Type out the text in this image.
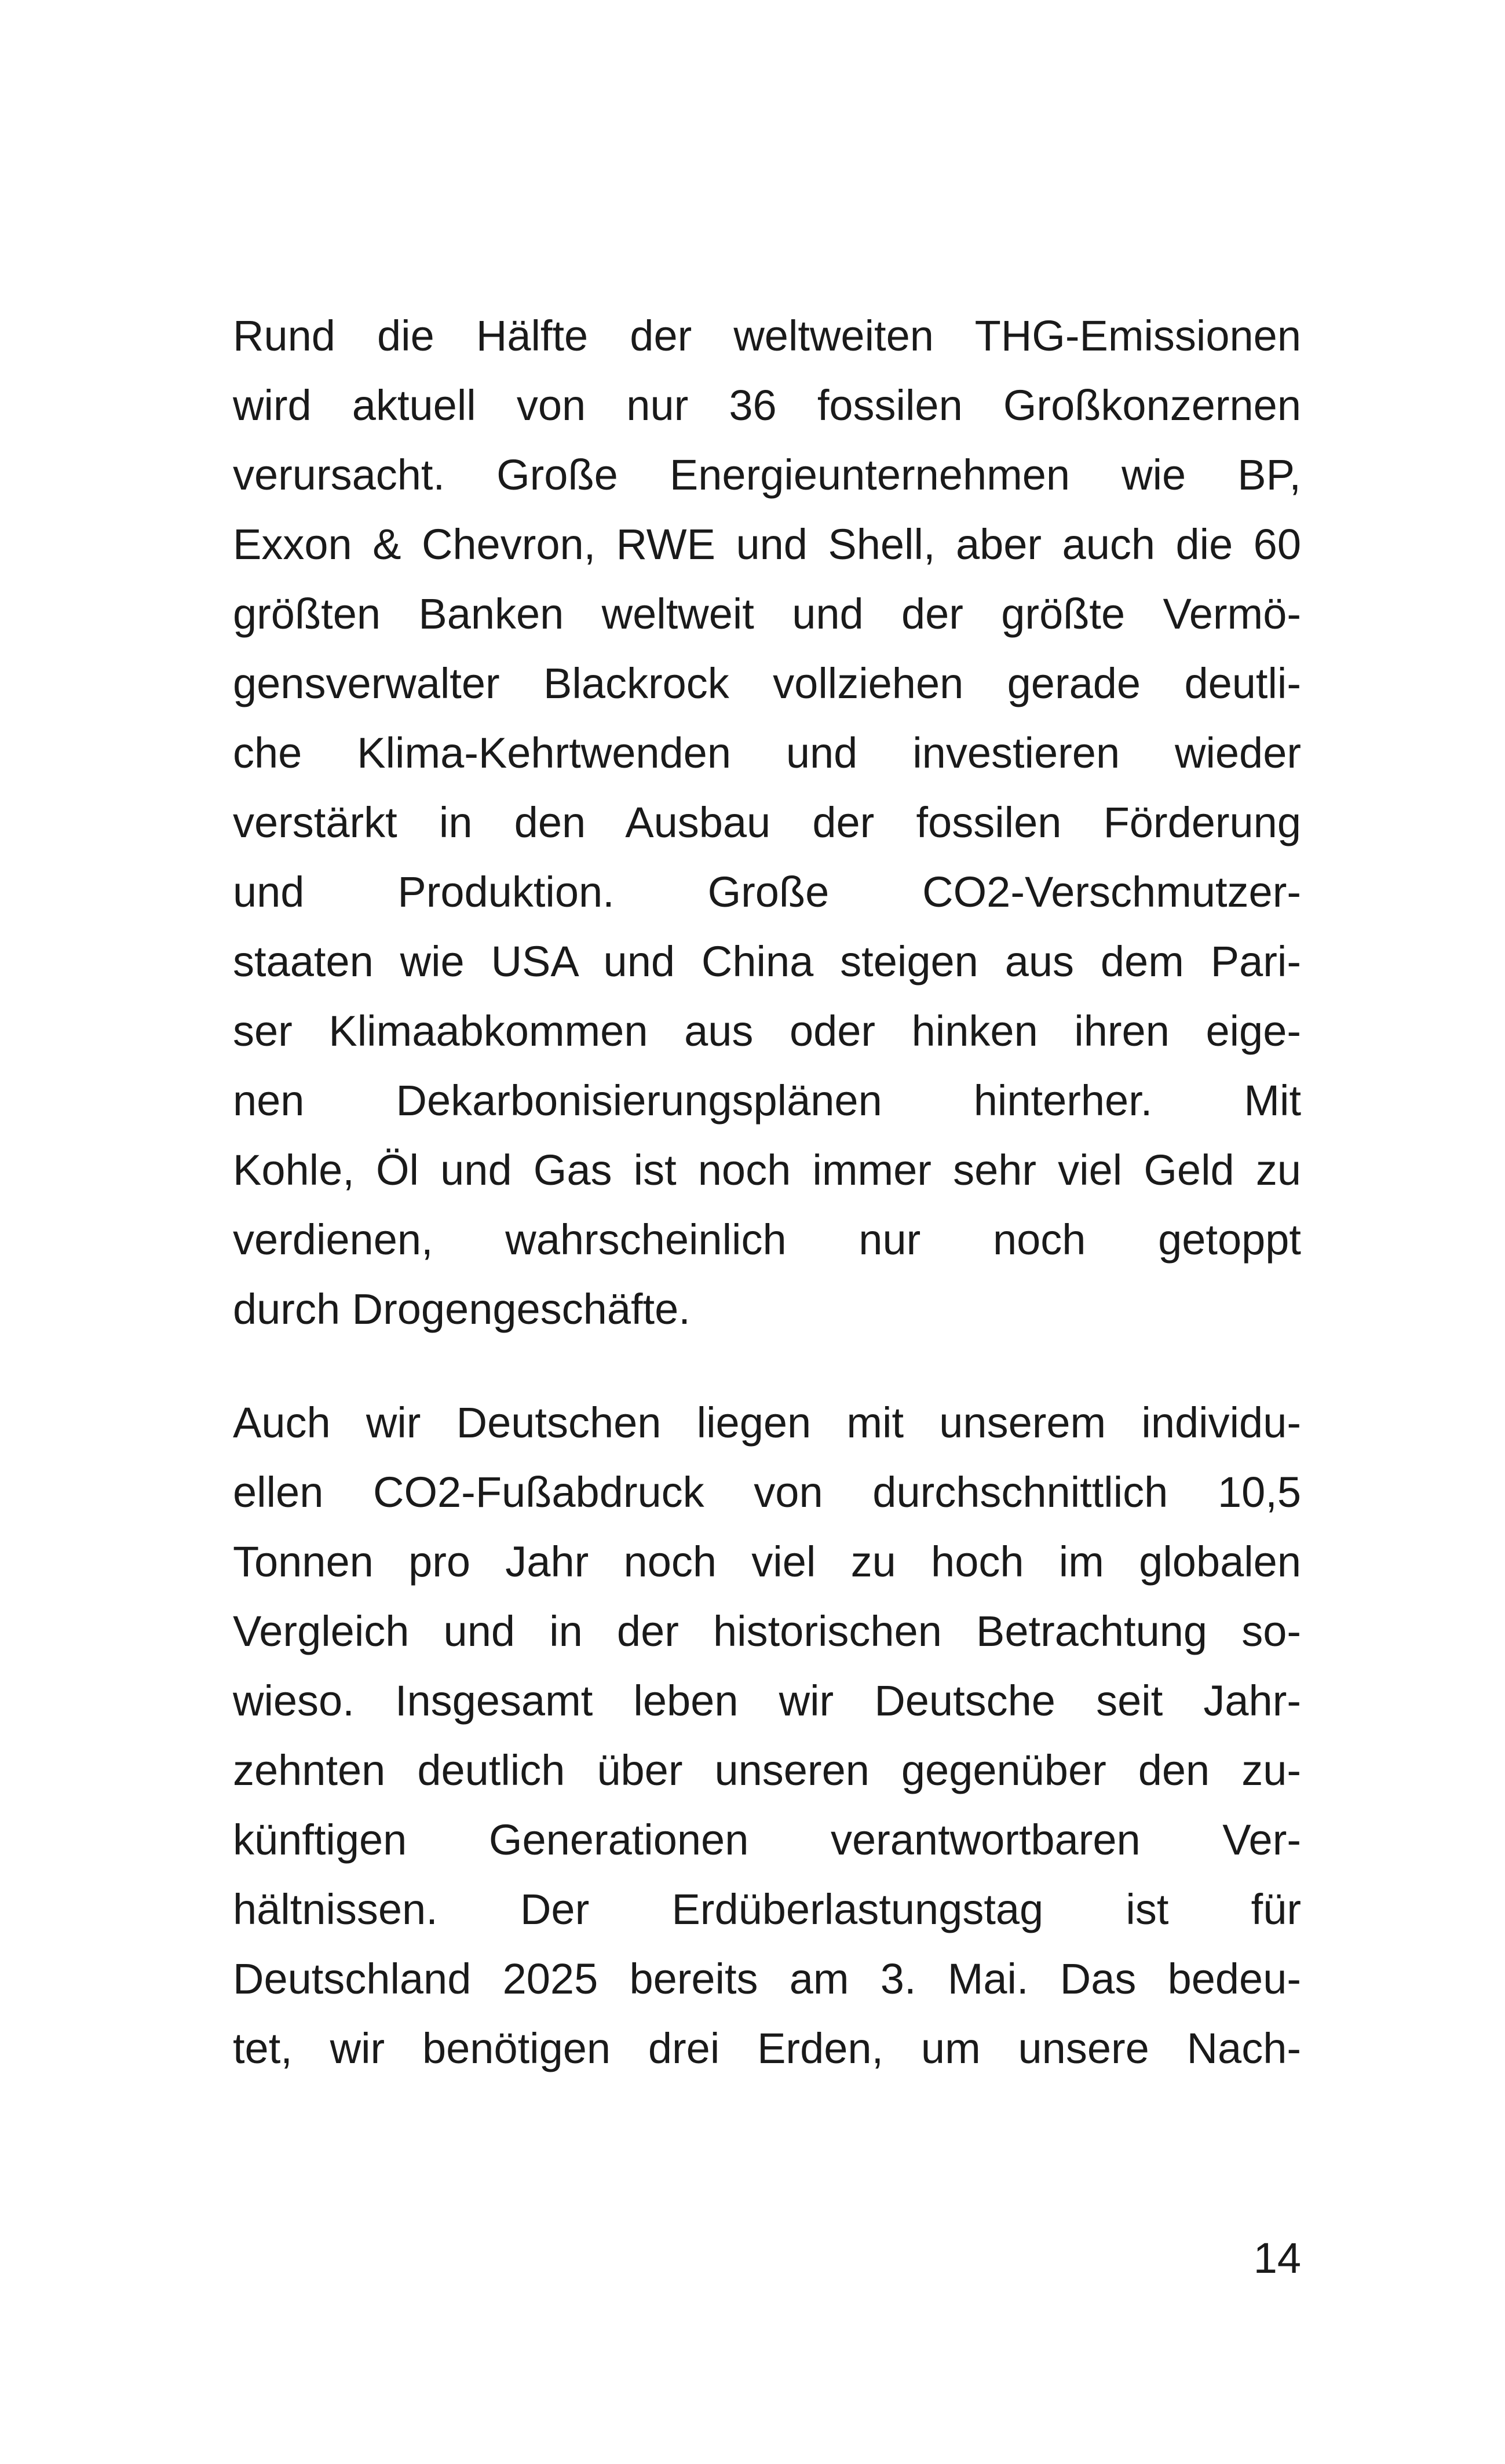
Rund die Hälfte der weltweiten THG-Emissionen
wird aktuell von nur 36 fossilen Großkonzernen
verursacht. Große Energieunternehmen wie BP,
Exxon & Chevron, RWE und Shell, aber auch die 60
größten Banken weltweit und der größte Vermö-
gensverwalter Blackrock vollziehen gerade deutli-
che Klima-Kehrtwenden und investieren wieder
verstärkt in den Ausbau der fossilen Förderung
und Produktion. Große CO2-Verschmutzer-
staaten wie USA und China steigen aus dem Pari-
ser Klimaabkommen aus oder hinken ihren eige-
nen Dekarbonisierungsplänen hinterher. Mit
Kohle, Öl und Gas ist noch immer sehr viel Geld zu
verdienen, wahrscheinlich nur noch getoppt
durch Drogengeschäfte.
Auch wir Deutschen liegen mit unserem individu-
ellen CO2-Fußabdruck von durchschnittlich 10,5
Tonnen pro Jahr noch viel zu hoch im globalen
Vergleich und in der historischen Betrachtung so-
wieso. Insgesamt leben wir Deutsche seit Jahr-
zehnten deutlich über unseren gegenüber den zu-
künftigen Generationen verantwortbaren Ver-
hältnissen. Der Erdüberlastungstag ist für
Deutschland 2025 bereits am 3. Mai. Das bedeu-
tet, wir benötigen drei Erden, um unsere Nach-
14
